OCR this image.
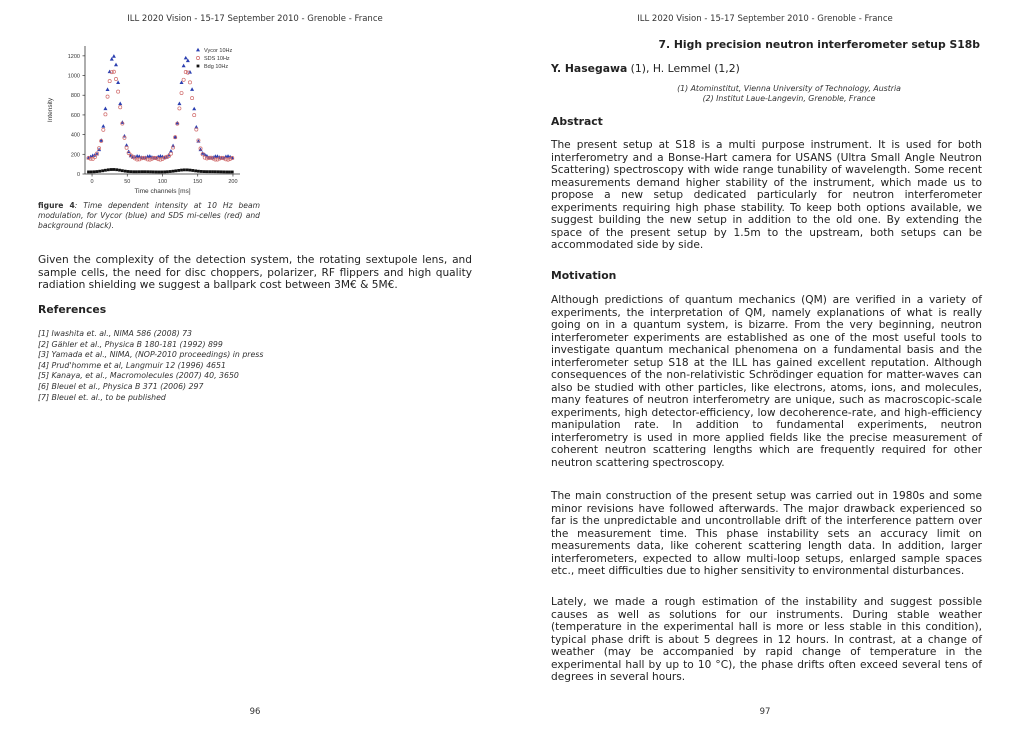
ILL 2020 Vision - 15-17 September 2010 - Grenoble - France
0	50	100	150	200
0
200
400
600
800
1000
1200
Time channels [ms]
Intensity
Vycor 10Hz
SDS 10Hz
Bdg 10Hz
figure 4: Time dependent intensity at 10 Hz beam modulation, for Vycor (blue) and SDS mi-celles (red) and background (black).
Given the complexity of the detection system, the rotating sextupole lens, and sample cells, the need for disc choppers, polarizer, RF flippers and high quality radiation shielding we suggest a ballpark cost between 3M€ & 5M€.
References
[1] Iwashita et. al., NIMA 586 (2008) 73
[2] Gähler et al., Physica B 180-181 (1992) 899
[3] Yamada et al., NIMA, (NOP-2010 proceedings) in press
[4] Prud'homme et al, Langmuir 12 (1996) 4651
[5] Kanaya, et al., Macromolecules (2007) 40, 3650
[6] Bleuel et al., Physica B 371 (2006) 297
[7] Bleuel et. al., to be published
96
ILL 2020 Vision - 15-17 September 2010 - Grenoble - France
7. High precision neutron interferometer setup S18b
Y. Hasegawa (1), H. Lemmel (1,2)
(1) Atominstitut, Vienna University of Technology, Austria
(2) Institut Laue-Langevin, Grenoble, France
Abstract
The present setup at S18 is a multi purpose instrument. It is used for both interferometry and a Bonse-Hart camera for USANS (Ultra Small Angle Neutron Scattering) spectroscopy with wide range tunability of wavelength. Some recent measurements demand higher stability of the instrument, which made us to propose a new setup dedicated particularly for neutron interferometer experiments requiring high phase stability. To keep both options available, we suggest building the new setup in addition to the old one. By extending the space of the present setup by 1.5m to the upstream, both setups can be accommodated side by side.
Motivation
Although predictions of quantum mechanics (QM) are verified in a variety of experiments, the interpretation of QM, namely explanations of what is really going on in a quantum system, is bizarre. From the very beginning, neutron interferometer experiments are established as one of the most useful tools to investigate quantum mechanical phenomena on a fundamental basis and the interferometer setup S18 at the ILL has gained excellent reputation. Although consequences of the non-relativistic Schrödinger equation for matter-waves can also be studied with other particles, like electrons, atoms, ions, and molecules, many features of neutron interferometry are unique, such as macroscopic-scale experiments, high detector-efficiency, low decoherence-rate, and high-efficiency manipulation rate. In addition to fundamental experiments, neutron interferometry is used in more applied fields like the precise measurement of coherent neutron scattering lengths which are frequently required for other neutron scattering spectroscopy.
The main construction of the present setup was carried out in 1980s and some minor revisions have followed afterwards. The major drawback experienced so far is the unpredictable and uncontrollable drift of the interference pattern over the measurement time. This phase instability sets an accuracy limit on measurements data, like coherent scattering length data. In addition, larger interferometers, expected to allow multi-loop setups, enlarged sample spaces etc., meet difficulties due to higher sensitivity to environmental disturbances.
Lately, we made a rough estimation of the instability and suggest possible causes as well as solutions for our instruments. During stable weather (temperature in the experimental hall is more or less stable in this condition), typical phase drift is about 5 degrees in 12 hours. In contrast, at a change of weather (may be accompanied by rapid change of temperature in the experimental hall by up to 10 °C), the phase drifts often exceed several tens of degrees in several hours.
97
